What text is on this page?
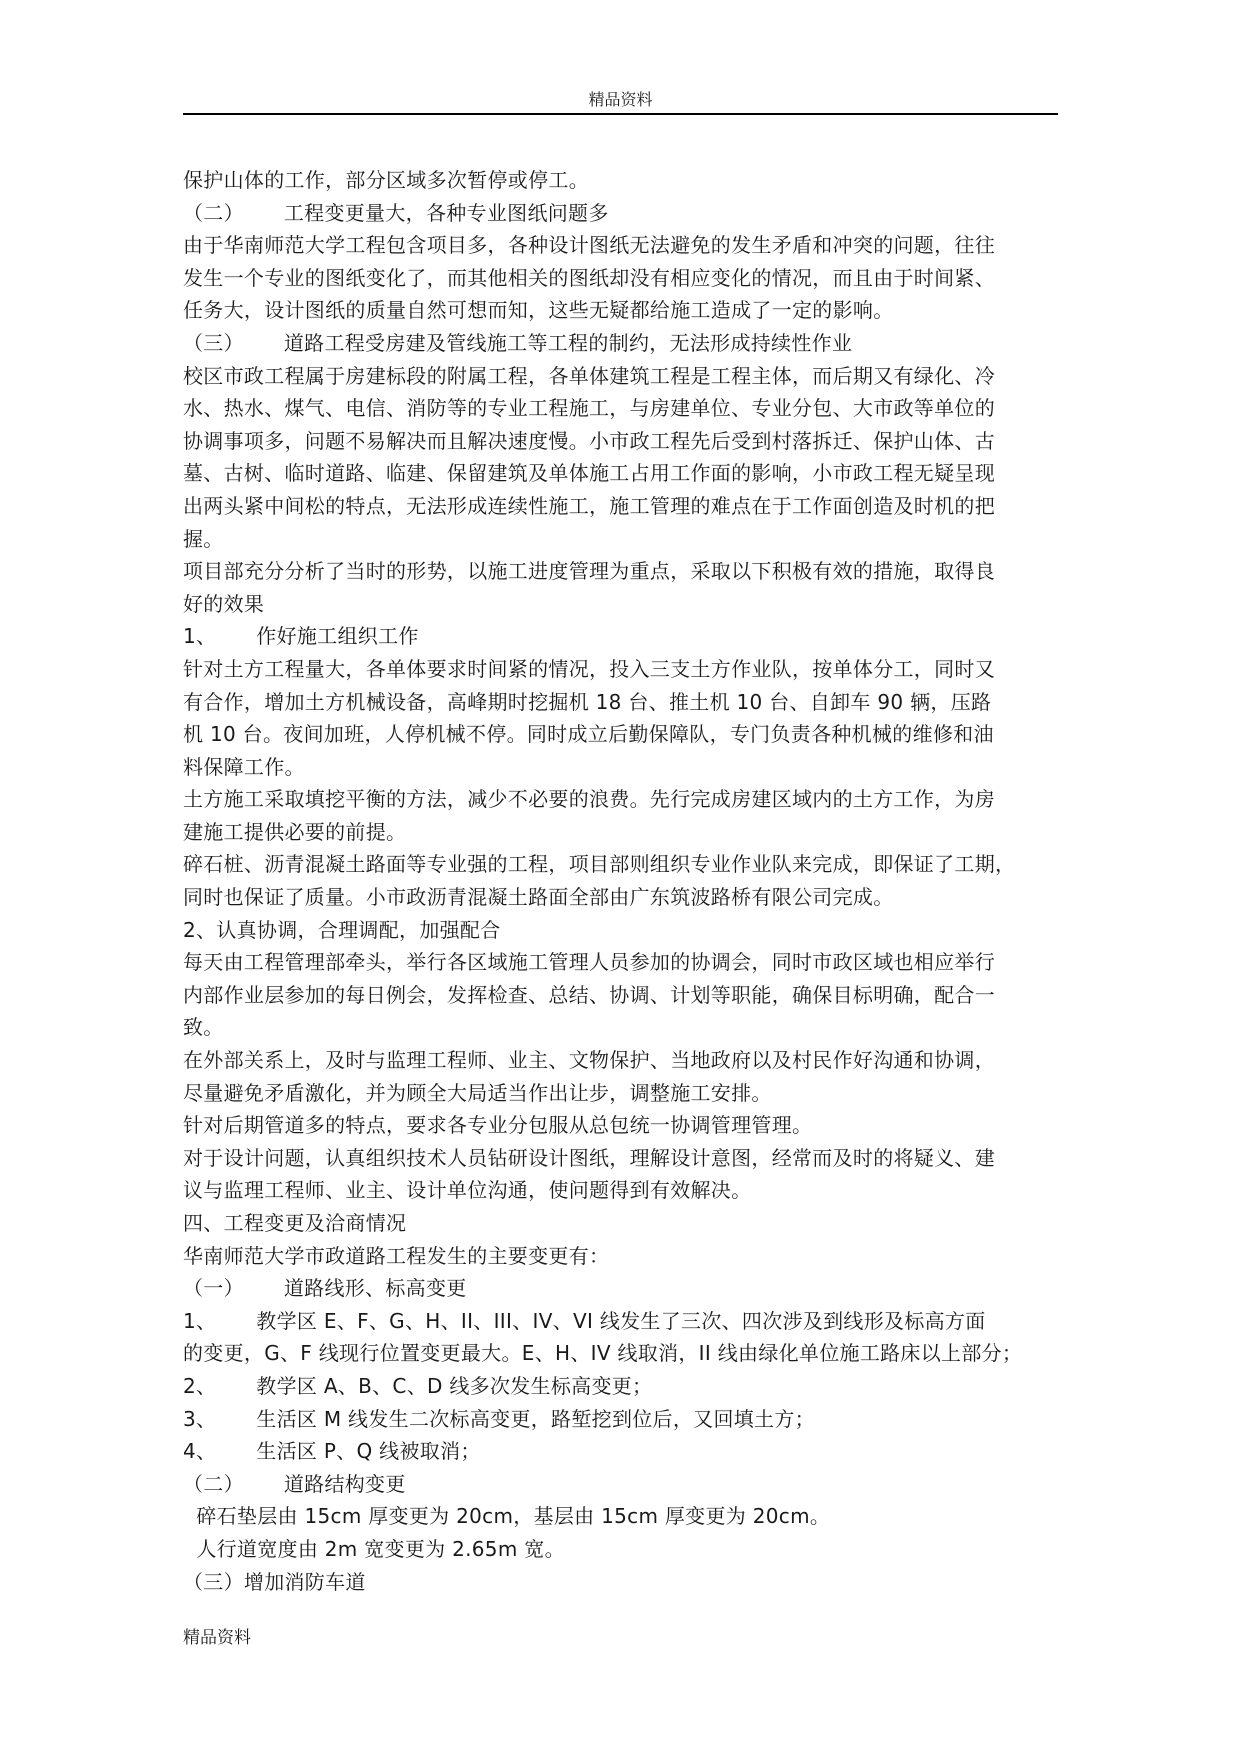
精品资料
保护山体的工作，部分区域多次暂停或停工。
（二）      工程变更量大，各种专业图纸问题多
由于华南师范大学工程包含项目多，各种设计图纸无法避免的发生矛盾和冲突的问题，往往
发生一个专业的图纸变化了，而其他相关的图纸却没有相应变化的情况，而且由于时间紧、
任务大，设计图纸的质量自然可想而知，这些无疑都给施工造成了一定的影响。
（三）      道路工程受房建及管线施工等工程的制约，无法形成持续性作业
校区市政工程属于房建标段的附属工程，各单体建筑工程是工程主体，而后期又有绿化、冷
水、热水、煤气、电信、消防等的专业工程施工，与房建单位、专业分包、大市政等单位的
协调事项多，问题不易解决而且解决速度慢。小市政工程先后受到村落拆迁、保护山体、古
墓、古树、临时道路、临建、保留建筑及单体施工占用工作面的影响，小市政工程无疑呈现
出两头紧中间松的特点，无法形成连续性施工，施工管理的难点在于工作面创造及时机的把
握。
项目部充分分析了当时的形势，以施工进度管理为重点，采取以下积极有效的措施，取得良
好的效果
1、      作好施工组织工作
针对土方工程量大，各单体要求时间紧的情况，投入三支土方作业队，按单体分工，同时又
有合作，增加土方机械设备，高峰期时挖掘机 18 台、推土机 10 台、自卸车 90 辆，压路
机 10 台。夜间加班，人停机械不停。同时成立后勤保障队，专门负责各种机械的维修和油
料保障工作。
土方施工采取填挖平衡的方法，减少不必要的浪费。先行完成房建区域内的土方工作，为房
建施工提供必要的前提。
碎石桩、沥青混凝土路面等专业强的工程，项目部则组织专业作业队来完成，即保证了工期，
同时也保证了质量。小市政沥青混凝土路面全部由广东筑波路桥有限公司完成。
2、认真协调，合理调配，加强配合
每天由工程管理部牵头，举行各区域施工管理人员参加的协调会，同时市政区域也相应举行
内部作业层参加的每日例会，发挥检查、总结、协调、计划等职能，确保目标明确，配合一
致。
在外部关系上，及时与监理工程师、业主、文物保护、当地政府以及村民作好沟通和协调，
尽量避免矛盾激化，并为顾全大局适当作出让步，调整施工安排。
针对后期管道多的特点，要求各专业分包服从总包统一协调管理管理。
对于设计问题，认真组织技术人员钻研设计图纸，理解设计意图，经常而及时的将疑义、建
议与监理工程师、业主、设计单位沟通，使问题得到有效解决。
四、工程变更及洽商情况
华南师范大学市政道路工程发生的主要变更有：
（一）      道路线形、标高变更
1、      教学区 E、F、G、H、II、III、IV、VI 线发生了三次、四次涉及到线形及标高方面
的变更，G、F 线现行位置变更最大。E、H、IV 线取消，II 线由绿化单位施工路床以上部分；
2、      教学区 A、B、C、D 线多次发生标高变更；
3、      生活区 M 线发生二次标高变更，路堑挖到位后，又回填土方；
4、      生活区 P、Q 线被取消；
（二）      道路结构变更
碎石垫层由 15cm 厚变更为 20cm，基层由 15cm 厚变更为 20cm。
人行道宽度由 2m 宽变更为 2.65m 宽。
（三）增加消防车道
精品资料
